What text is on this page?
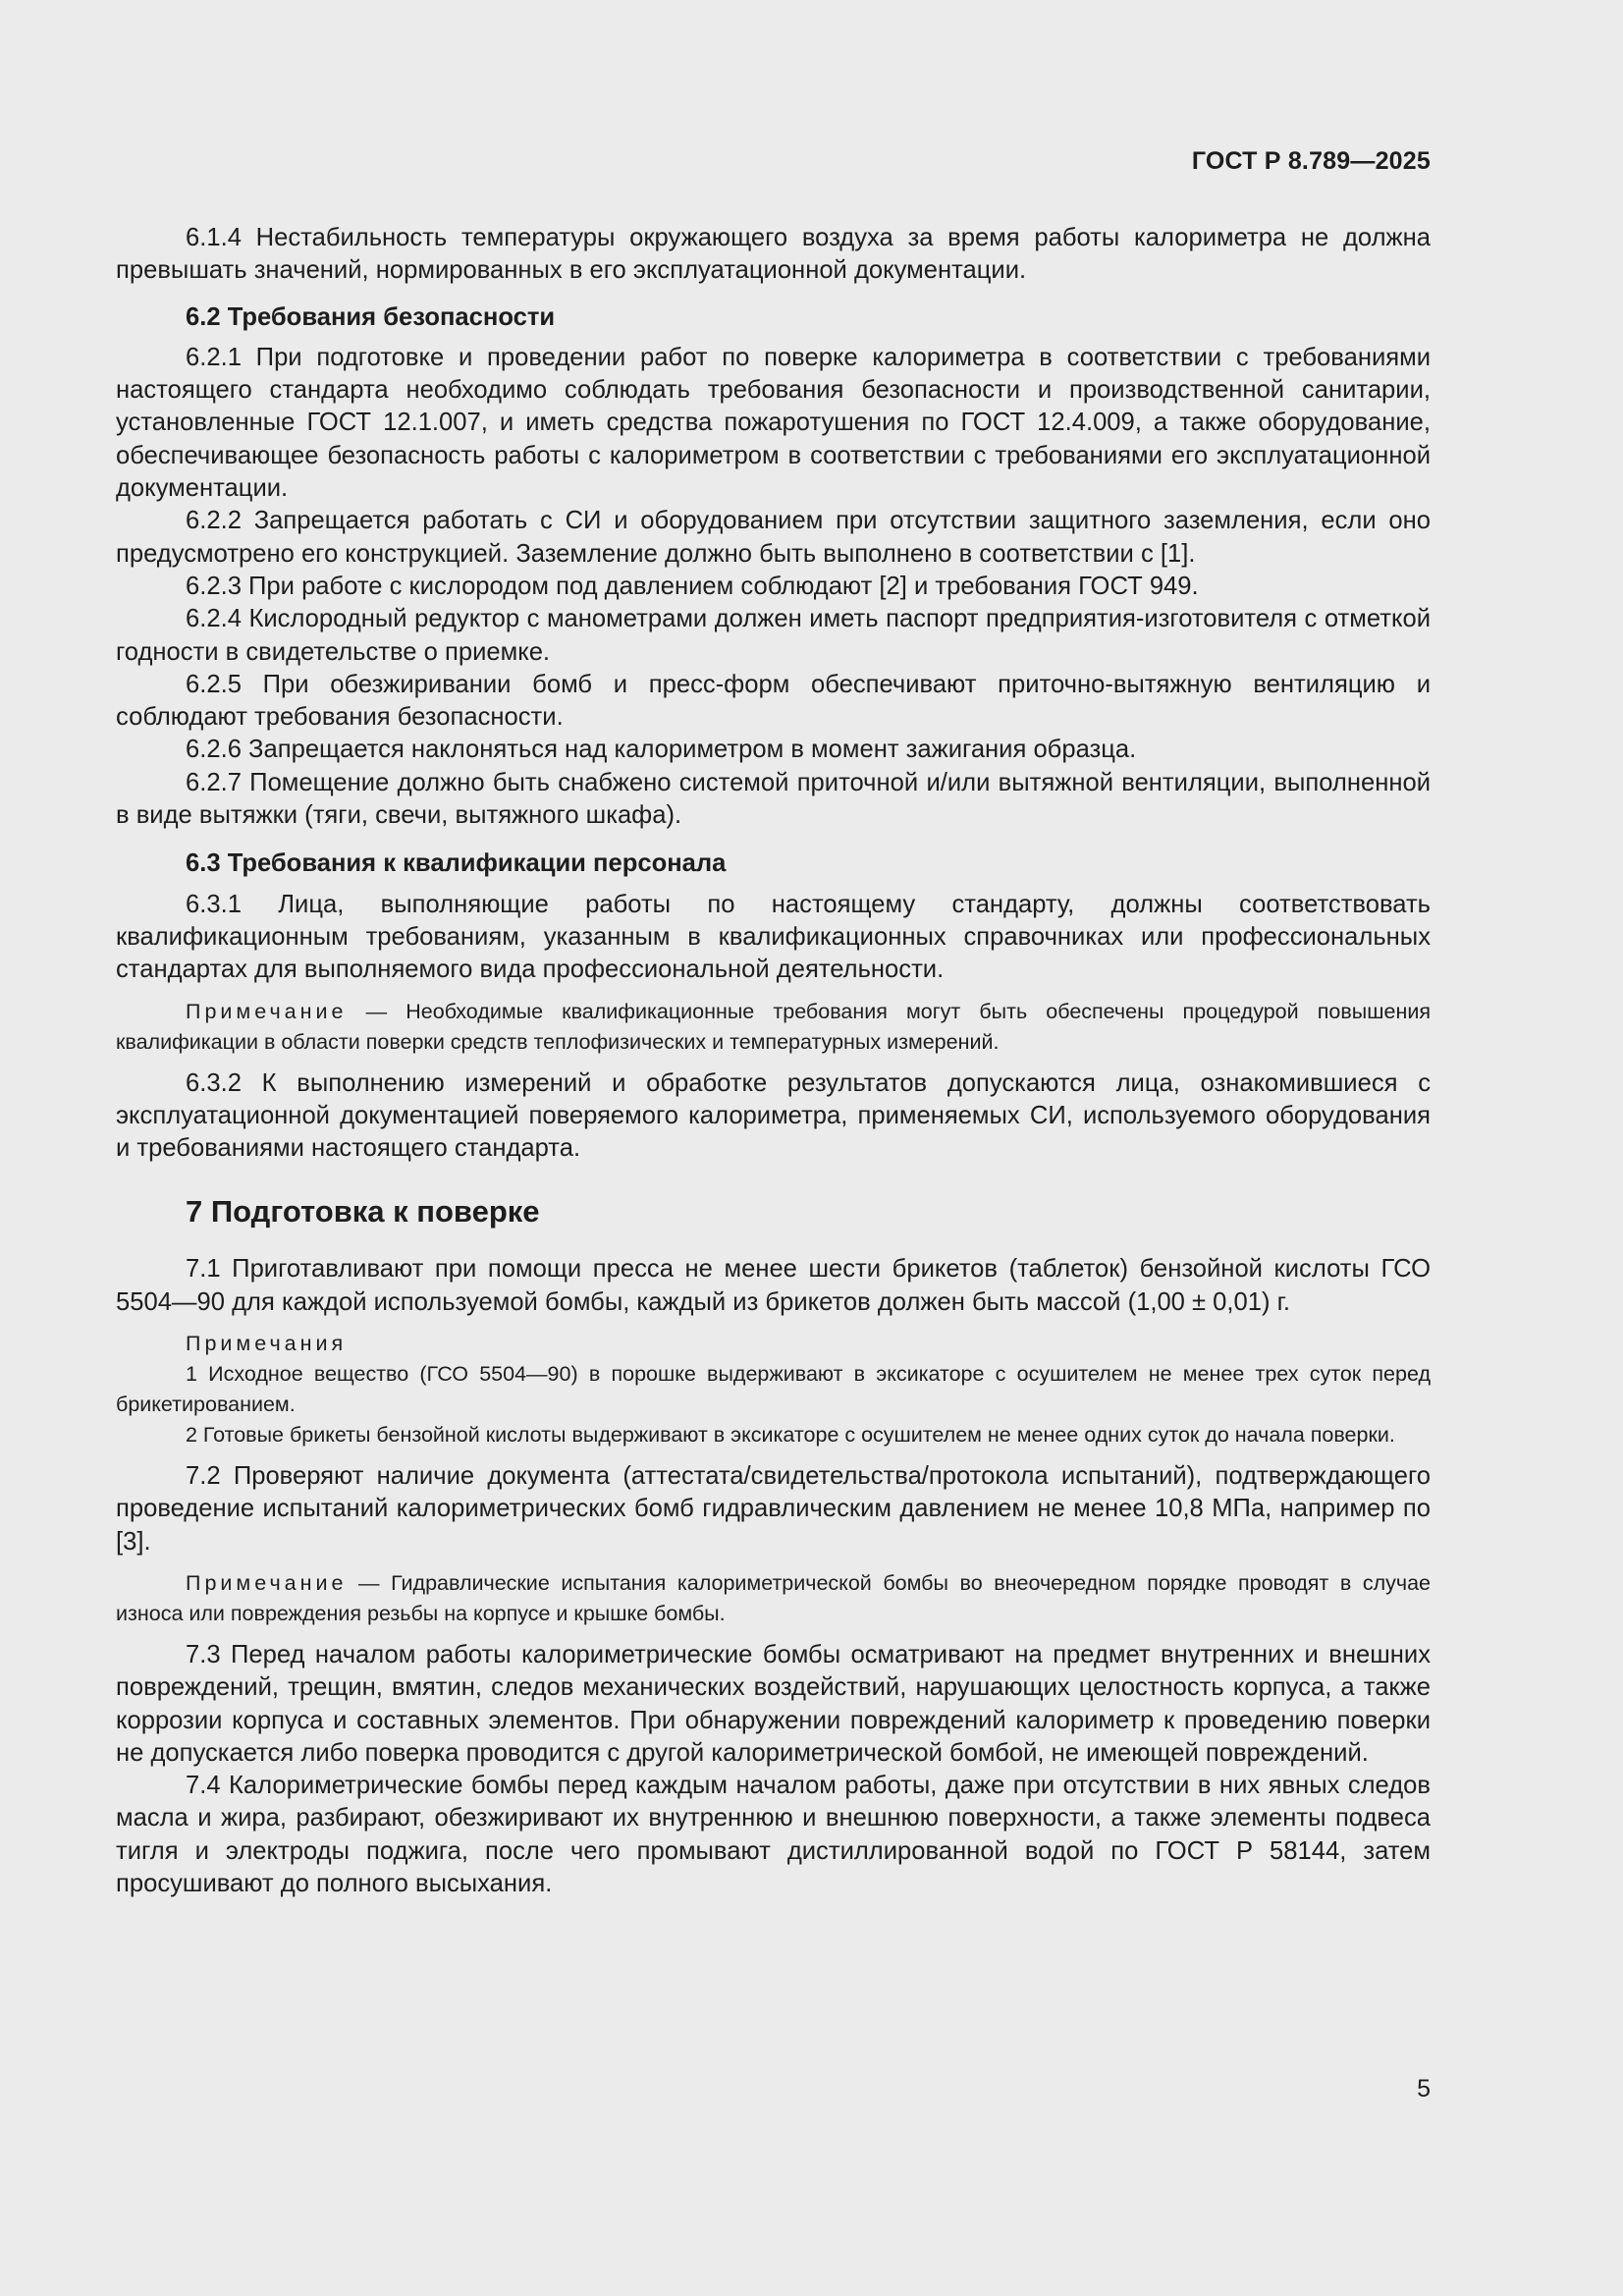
ГОСТ Р 8.789—2025

6.1.4 Нестабильность температуры окружающего воздуха за время работы калориметра не должна превышать значений, нормированных в его эксплуатационной документации.

6.2 Требования безопасности

6.2.1 При подготовке и проведении работ по поверке калориметра в соответствии с требованиями настоящего стандарта необходимо соблюдать требования безопасности и производственной санитарии, установленные ГОСТ 12.1.007, и иметь средства пожаротушения по ГОСТ 12.4.009, а также оборудование, обеспечивающее безопасность работы с калориметром в соответствии с требованиями его эксплуатационной документации.

6.2.2 Запрещается работать с СИ и оборудованием при отсутствии защитного заземления, если оно предусмотрено его конструкцией. Заземление должно быть выполнено в соответствии с [1].

6.2.3 При работе с кислородом под давлением соблюдают [2] и требования ГОСТ 949.

6.2.4 Кислородный редуктор с манометрами должен иметь паспорт предприятия-изготовителя с отметкой годности в свидетельстве о приемке.

6.2.5 При обезжиривании бомб и пресс-форм обеспечивают приточно-вытяжную вентиляцию и соблюдают требования безопасности.

6.2.6 Запрещается наклоняться над калориметром в момент зажигания образца.

6.2.7 Помещение должно быть снабжено системой приточной и/или вытяжной вентиляции, выполненной в виде вытяжки (тяги, свечи, вытяжного шкафа).

6.3 Требования к квалификации персонала

6.3.1 Лица, выполняющие работы по настоящему стандарту, должны соответствовать квалификационным требованиям, указанным в квалификационных справочниках или профессиональных стандартах для выполняемого вида профессиональной деятельности.

Примечание — Необходимые квалификационные требования могут быть обеспечены процедурой повышения квалификации в области поверки средств теплофизических и температурных измерений.

6.3.2 К выполнению измерений и обработке результатов допускаются лица, ознакомившиеся с эксплуатационной документацией поверяемого калориметра, применяемых СИ, используемого оборудования и требованиями настоящего стандарта.

7 Подготовка к поверке

7.1 Приготавливают при помощи пресса не менее шести брикетов (таблеток) бензойной кислоты ГСО 5504—90 для каждой используемой бомбы, каждый из брикетов должен быть массой (1,00 ± 0,01) г.

Примечания

1 Исходное вещество (ГСО 5504—90) в порошке выдерживают в эксикаторе с осушителем не менее трех суток перед брикетированием.

2 Готовые брикеты бензойной кислоты выдерживают в эксикаторе с осушителем не менее одних суток до начала поверки.

7.2 Проверяют наличие документа (аттестата/свидетельства/протокола испытаний), подтверждающего проведение испытаний калориметрических бомб гидравлическим давлением не менее 10,8 МПа, например по [3].

Примечание — Гидравлические испытания калориметрической бомбы во внеочередном порядке проводят в случае износа или повреждения резьбы на корпусе и крышке бомбы.

7.3 Перед началом работы калориметрические бомбы осматривают на предмет внутренних и внешних повреждений, трещин, вмятин, следов механических воздействий, нарушающих целостность корпуса, а также коррозии корпуса и составных элементов. При обнаружении повреждений калориметр к проведению поверки не допускается либо поверка проводится с другой калориметрической бомбой, не имеющей повреждений.

7.4 Калориметрические бомбы перед каждым началом работы, даже при отсутствии в них явных следов масла и жира, разбирают, обезжиривают их внутреннюю и внешнюю поверхности, а также элементы подвеса тигля и электроды поджига, после чего промывают дистиллированной водой по ГОСТ Р 58144, затем просушивают до полного высыхания.

5
